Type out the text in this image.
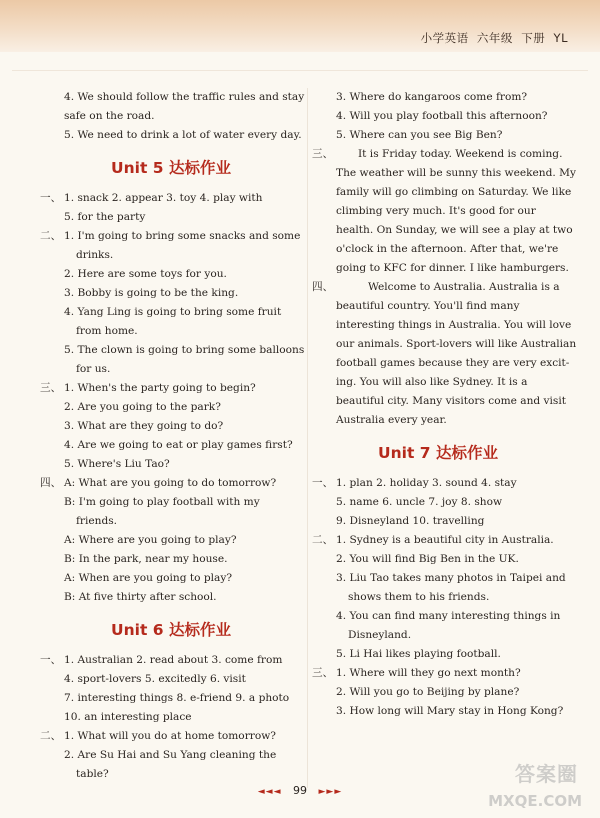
小学英语  六年级  下册  YL
4. We should follow the traffic rules and stay
safe on the road.
5. We need to drink a lot of water every day.
Unit 5 达标作业
一、 1. snack 2. appear 3. toy 4. play with
5. for the party
二、 1. I'm going to bring some snacks and some
drinks.
2. Here are some toys for you.
3. Bobby is going to be the king.
4. Yang Ling is going to bring some fruit
from home.
5. The clown is going to bring some balloons
for us.
三、 1. When's the party going to begin?
2. Are you going to the park?
3. What are they going to do?
4. Are we going to eat or play games first?
5. Where's Liu Tao?
四、 A: What are you going to do tomorrow?
B: I'm going to play football with my
friends.
A: Where are you going to play?
B: In the park, near my house.
A: When are you going to play?
B: At five thirty after school.
Unit 6 达标作业
一、 1. Australian 2. read about 3. come from
4. sport-lovers 5. excitedly 6. visit
7. interesting things 8. e-friend 9. a photo
10. an interesting place
二、 1. What will you do at home tomorrow?
2. Are Su Hai and Su Yang cleaning the
table?
3. Where do kangaroos come from?
4. Will you play football this afternoon?
5. Where can you see Big Ben?
三、 It is Friday today. Weekend is coming.
The weather will be sunny this weekend. My
family will go climbing on Saturday. We like
climbing very much. It's good for our
health. On Sunday, we will see a play at two
o'clock in the afternoon. After that, we're
going to KFC for dinner. I like hamburgers.
四、	Welcome to Australia. Australia is a
beautiful country. You'll find many
interesting things in Australia. You will love
our animals. Sport-lovers will like Australian
football games because they are very excit-
ing. You will also like Sydney. It is a
beautiful city. Many visitors come and visit
Australia every year.
Unit 7 达标作业
一、 1. plan 2. holiday 3. sound 4. stay
5. name 6. uncle 7. joy 8. show
9. Disneyland 10. travelling
二、 1. Sydney is a beautiful city in Australia.
2. You will find Big Ben in the UK.
3. Liu Tao takes many photos in Taipei and
shows them to his friends.
4. You can find many interesting things in
Disneyland.
5. Li Hai likes playing football.
三、 1. Where will they go next month?
2. Will you go to Beijing by plane?
3. How long will Mary stay in Hong Kong?
◄◄◄ 99 ►►►
答案圈
MXQE.COM
